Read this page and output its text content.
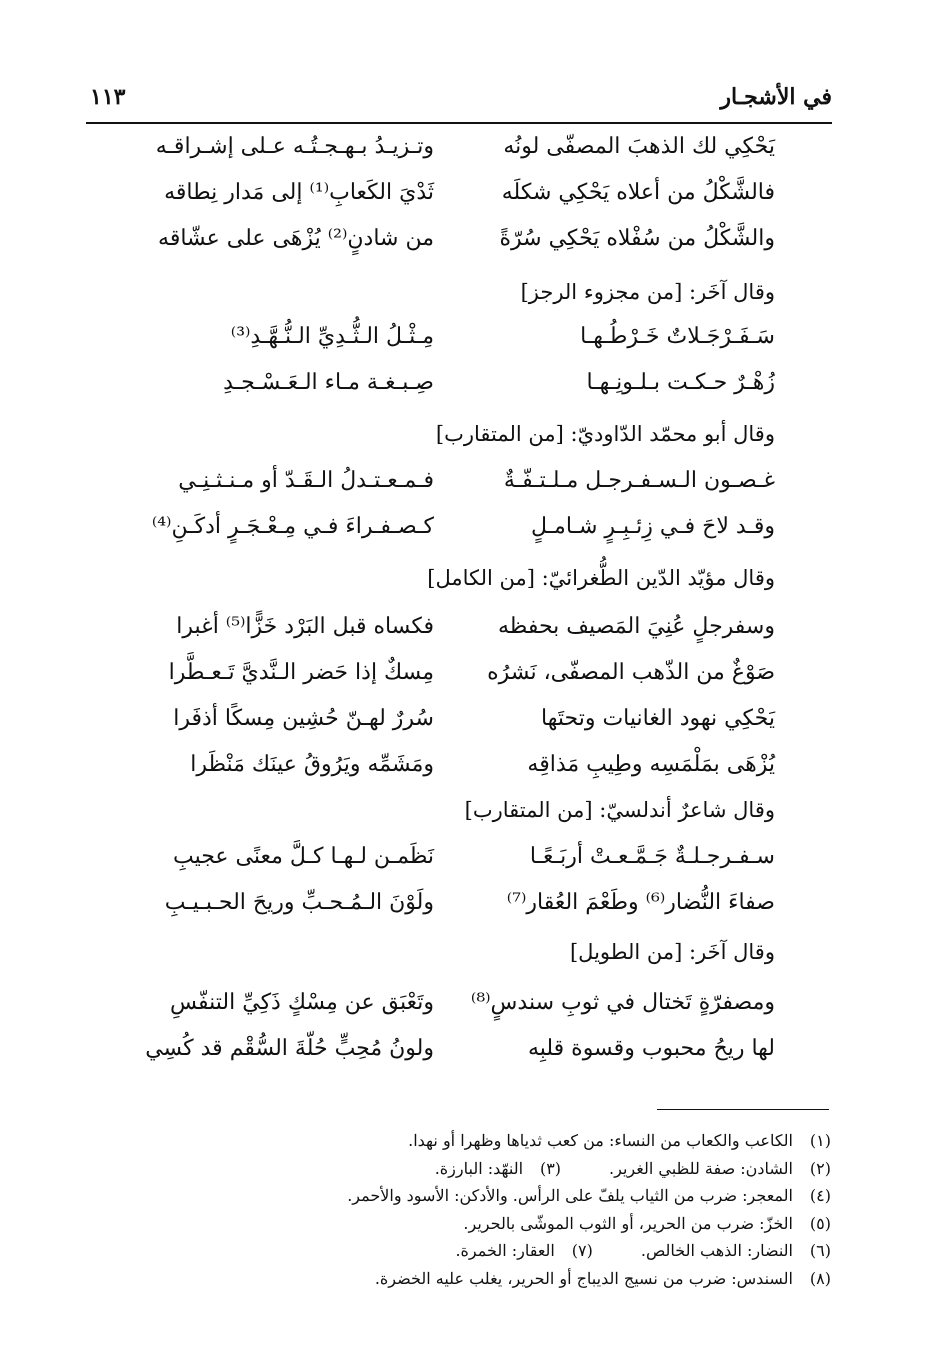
في الأشجـار
١١٣
يَحْكِي لك الذهبَ المصفّى لونُه
وتـزيـدُ بـهـجـتُـه عـلى إشـراقـه
فالشَّكْلُ من أعلاه يَحْكِي شكلَه
ثَدْيَ الكَعابِ⁽¹⁾ إلى مَدار نِطاقه
والشَّكْلُ من سُفْلاه يَحْكِي سُرّةً
من شادنٍ⁽²⁾ يُزْهَى على عشّاقه
وقال آخَر: [من مجزوء الرجز]
سَـفَـرْجَـلاتٌ خَـرْطُـهـا
مِـثْـلُ الـثُّـدِيِّ الـنُّـهَّـدِ⁽³⁾
زُهْـرٌ حـكـت بـلـونِـهـا
صِـبـغـة مـاء الـعَـسْـجـدِ
وقال أبو محمّد الدّاوديّ: [من المتقارب]
غـصـون الـسـفـرجـل مـلـتـفّـةٌ
فـمـعـتـدلُ الـقَـدّ أو مـنـثـنِـي
وقـد لاحَ فـي زِئـبِـرٍ شـامـلٍ
كـصـفـراءَ فـي مِـعْـجَـرٍ أدكَـنِ⁽⁴⁾
وقال مؤيّد الدّين الطُّغرائيّ: [من الكامل]
وسفرجلٍ عُنِيَ المَصيف بحفظه
فكساه قبل البَرْد خَزًّا⁽⁵⁾ أغبرا
صَوْغٌ من الذّهب المصفّى، نَشرُه
مِسكٌ إذا حَضر الـنَّديَّ تَـعـطَّرا
يَحْكِي نهود الغانيات وتحتَها
سُررٌ لهـنّ حُشِين مِسكًا أذفَرا
يُزْهَى بمَلْمَسِه وطِيبِ مَذاقِه
ومَشَمِّه ويَرُوقُ عينَك مَنْظَرا
وقال شاعرٌ أندلسيّ: [من المتقارب]
سـفـرجـلـةٌ جَـمَّـعـتْ أربَـعًـا
نَظَمـن لـهـا كـلَّ معنًى عجيبِ
صفاءَ النُّضار⁽⁶⁾ وطَعْمَ العُقار⁽⁷⁾
ولَوْنَ الـمُـحـبِّ وريحَ الحـبـيـبِ
وقال آخَر: [من الطويل]
ومصفرّةٍ تَختال في ثوبِ سندسٍ⁽⁸⁾
وتَعْبَق عن مِسْكٍ ذَكِيِّ التنفّسِ
لها ريحُ محبوب وقسوة قلبِه
ولونُ مُحِبٍّ حُلّةَ السُّقْم قد كُسِي
(١)الكاعب والكعاب من النساء: من كعب ثدياها وظهرا أو نهدا.
(٢)الشادن: صفة للظبي الغرير.(٣)النهّد: البارزة.
(٤)المعجر: ضرب من الثياب يلفّ على الرأس. والأدكن: الأسود والأحمر.
(٥)الخزّ: ضرب من الحرير، أو الثوب الموشّى بالحرير.
(٦)النضار: الذهب الخالص.(٧)العقار: الخمرة.
(٨)السندس: ضرب من نسيج الديباج أو الحرير، يغلب عليه الخضرة.
